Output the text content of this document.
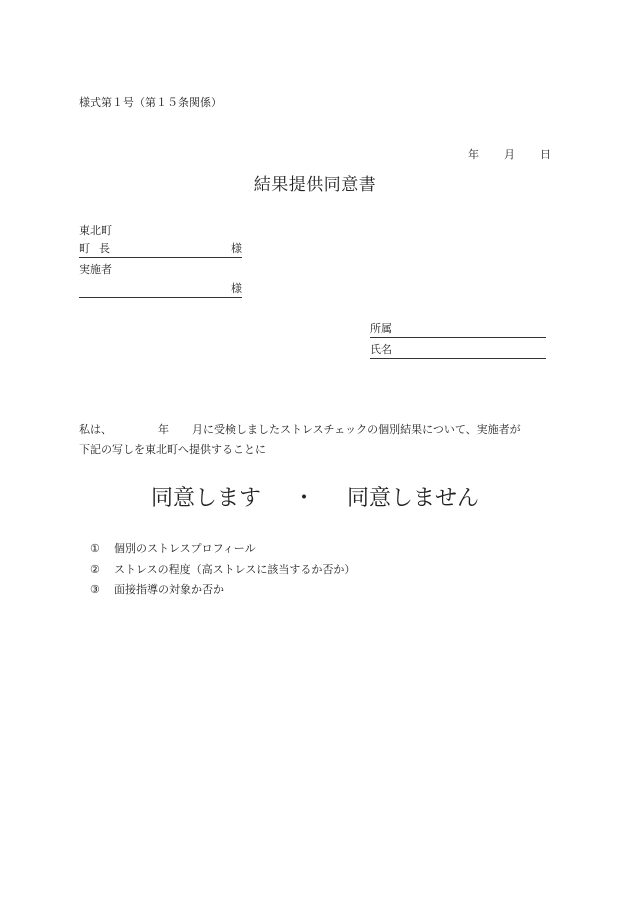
様式第１号（第１５条関係）
年 月 日
結果提供同意書
東北町
町長	様
実施者
様
所属
氏名
私は、	年 月に受検しましたストレスチェックの個別結果について、実施者が
下記の写しを東北町へ提供することに
同意します ・ 同意しません
① 個別のストレスプロフィール
② ストレスの程度（高ストレスに該当するか否か）
③ 面接指導の対象か否か
